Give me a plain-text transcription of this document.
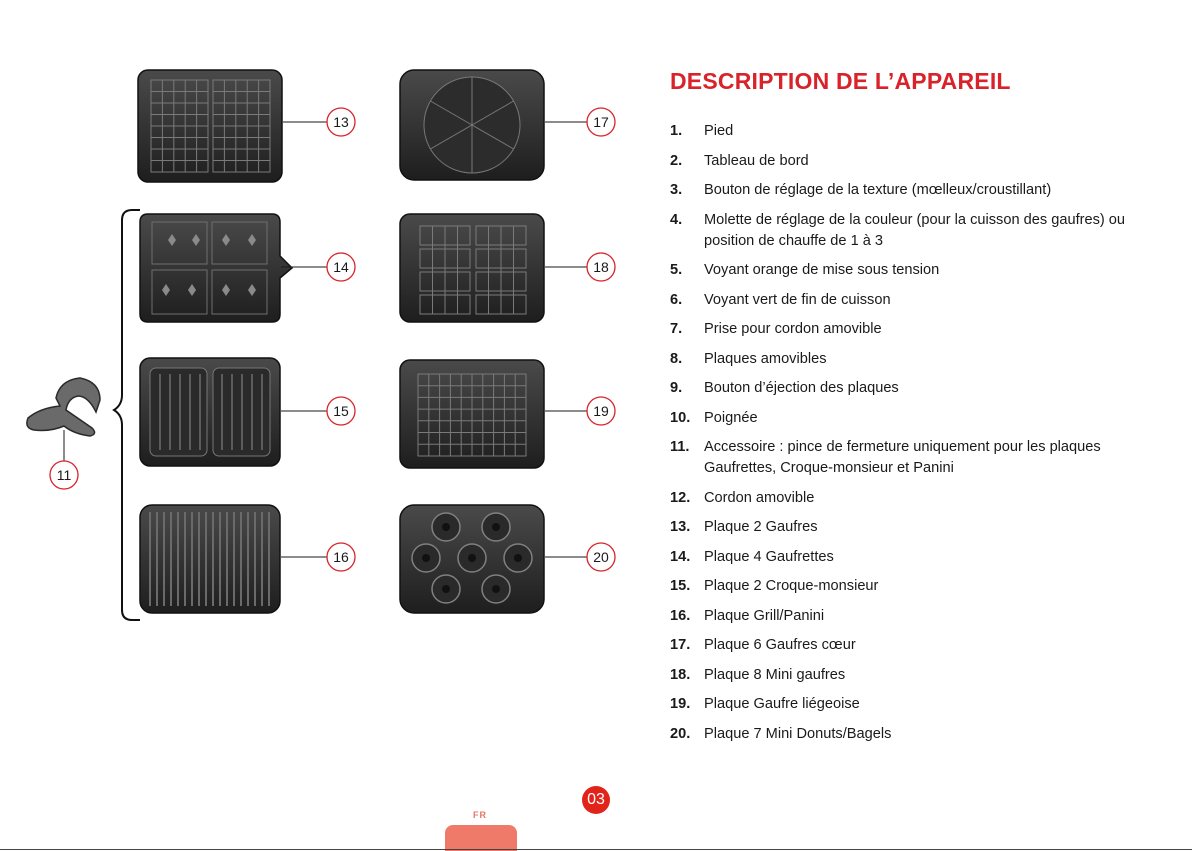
13
14
15
16
17
18
19
20
11
DESCRIPTION DE L’APPAREIL
1.	Pied
2.	Tableau de bord
3.	Bouton de réglage de la texture (mœlleux/croustillant)
4.	Molette de réglage de la couleur (pour la cuisson des gaufres) ou position de chauffe de 1 à 3
5.	Voyant orange de mise sous tension
6.	Voyant vert de fin de cuisson
7.	Prise pour cordon amovible
8.	Plaques amovibles
9.	Bouton d’éjection des plaques
10. Poignée
11. Accessoire : pince de fermeture uniquement pour les plaques Gaufrettes, Croque-monsieur et Panini
12. Cordon amovible
13. Plaque 2 Gaufres
14. Plaque 4 Gaufrettes
15. Plaque 2 Croque-monsieur
16. Plaque Grill/Panini
17. Plaque 6 Gaufres cœur
18. Plaque 8 Mini gaufres
19. Plaque Gaufre liégeoise
20. Plaque 7 Mini Donuts/Bagels
03
FR
